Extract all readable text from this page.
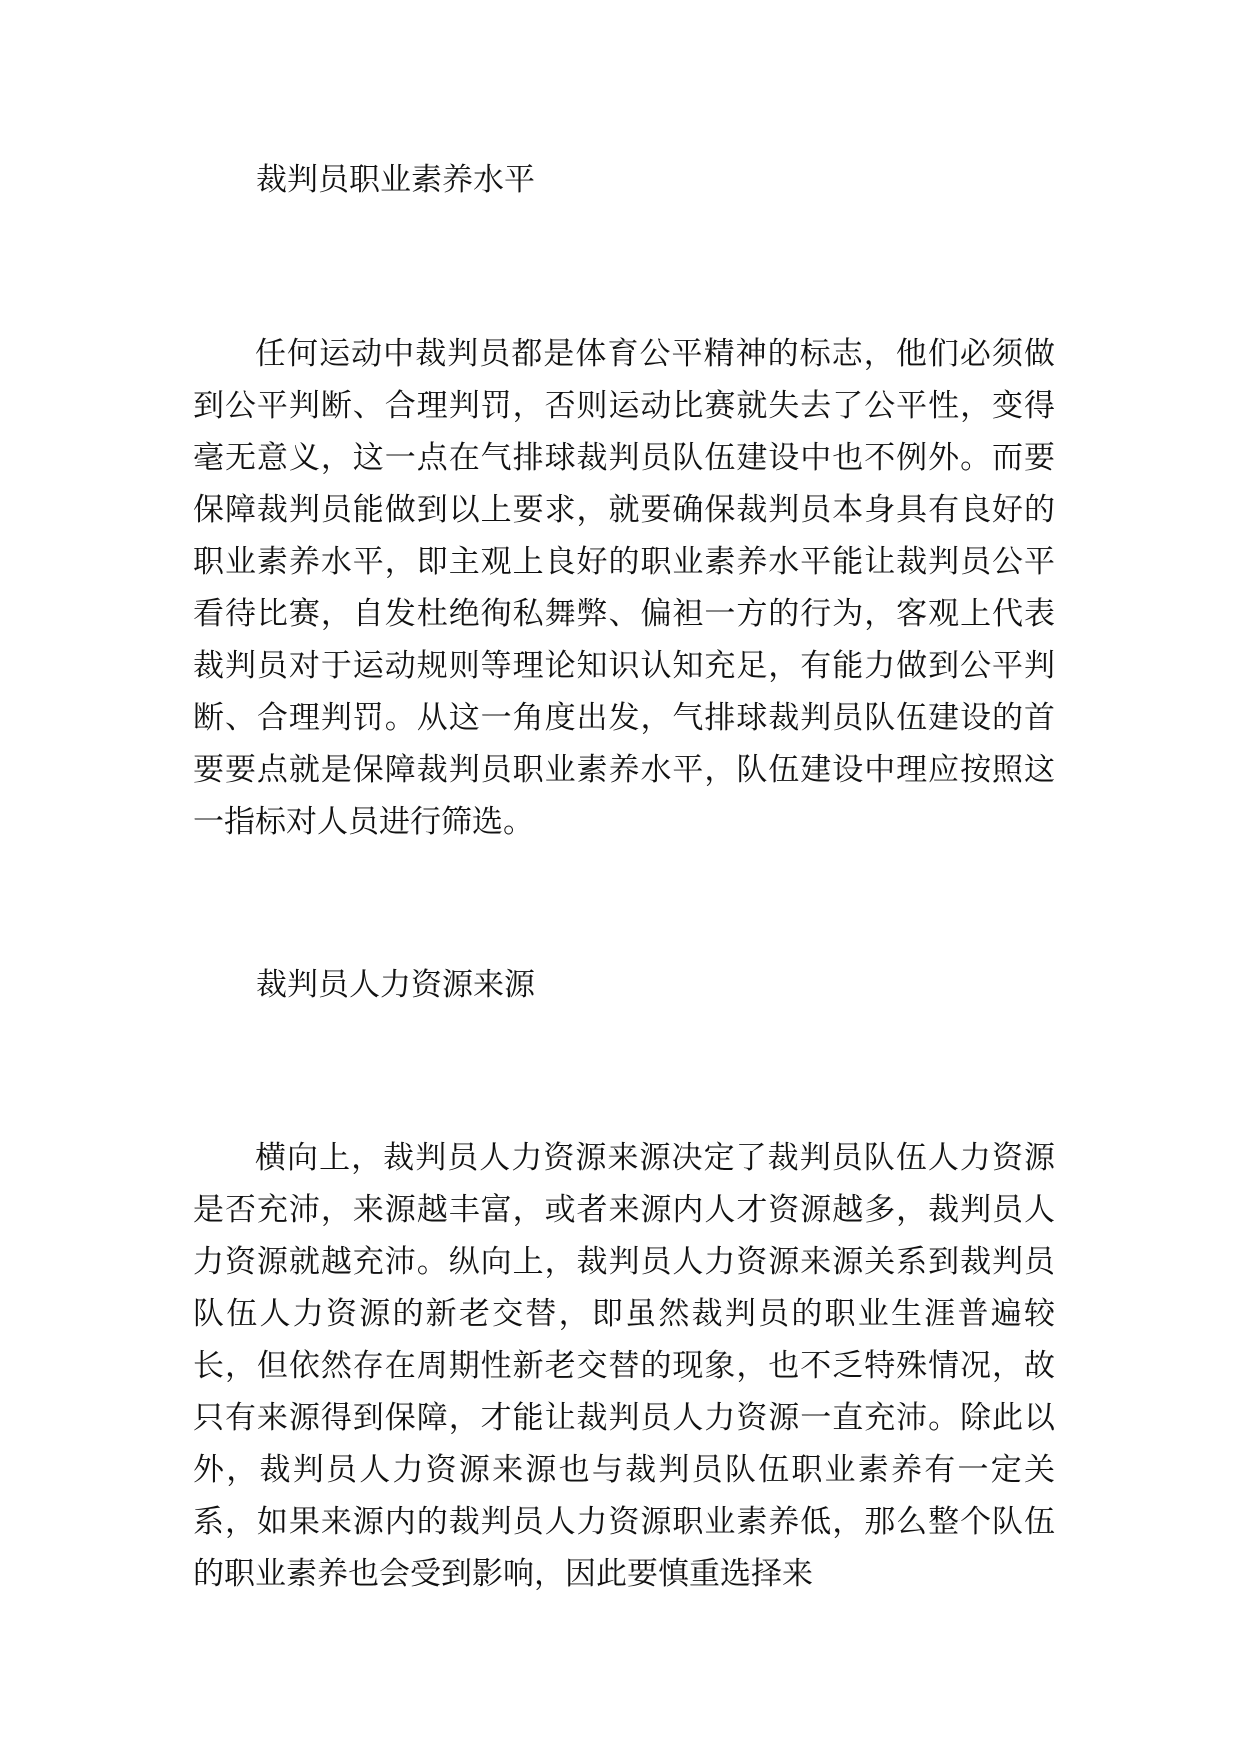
裁判员职业素养水平

任何运动中裁判员都是体育公平精神的标志，他们必须做到公平判断、合理判罚，否则运动比赛就失去了公平性，变得毫无意义，这一点在气排球裁判员队伍建设中也不例外。而要保障裁判员能做到以上要求，就要确保裁判员本身具有良好的职业素养水平，即主观上良好的职业素养水平能让裁判员公平看待比赛，自发杜绝徇私舞弊、偏袒一方的行为，客观上代表裁判员对于运动规则等理论知识认知充足，有能力做到公平判断、合理判罚。从这一角度出发，气排球裁判员队伍建设的首要要点就是保障裁判员职业素养水平，队伍建设中理应按照这一指标对人员进行筛选。

裁判员人力资源来源

横向上，裁判员人力资源来源决定了裁判员队伍人力资源是否充沛，来源越丰富，或者来源内人才资源越多，裁判员人力资源就越充沛。纵向上，裁判员人力资源来源关系到裁判员队伍人力资源的新老交替，即虽然裁判员的职业生涯普遍较长，但依然存在周期性新老交替的现象，也不乏特殊情况，故只有来源得到保障，才能让裁判员人力资源一直充沛。除此以外，裁判员人力资源来源也与裁判员队伍职业素养有一定关系，如果来源内的裁判员人力资源职业素养低，那么整个队伍的职业素养也会受到影响，因此要慎重选择来
